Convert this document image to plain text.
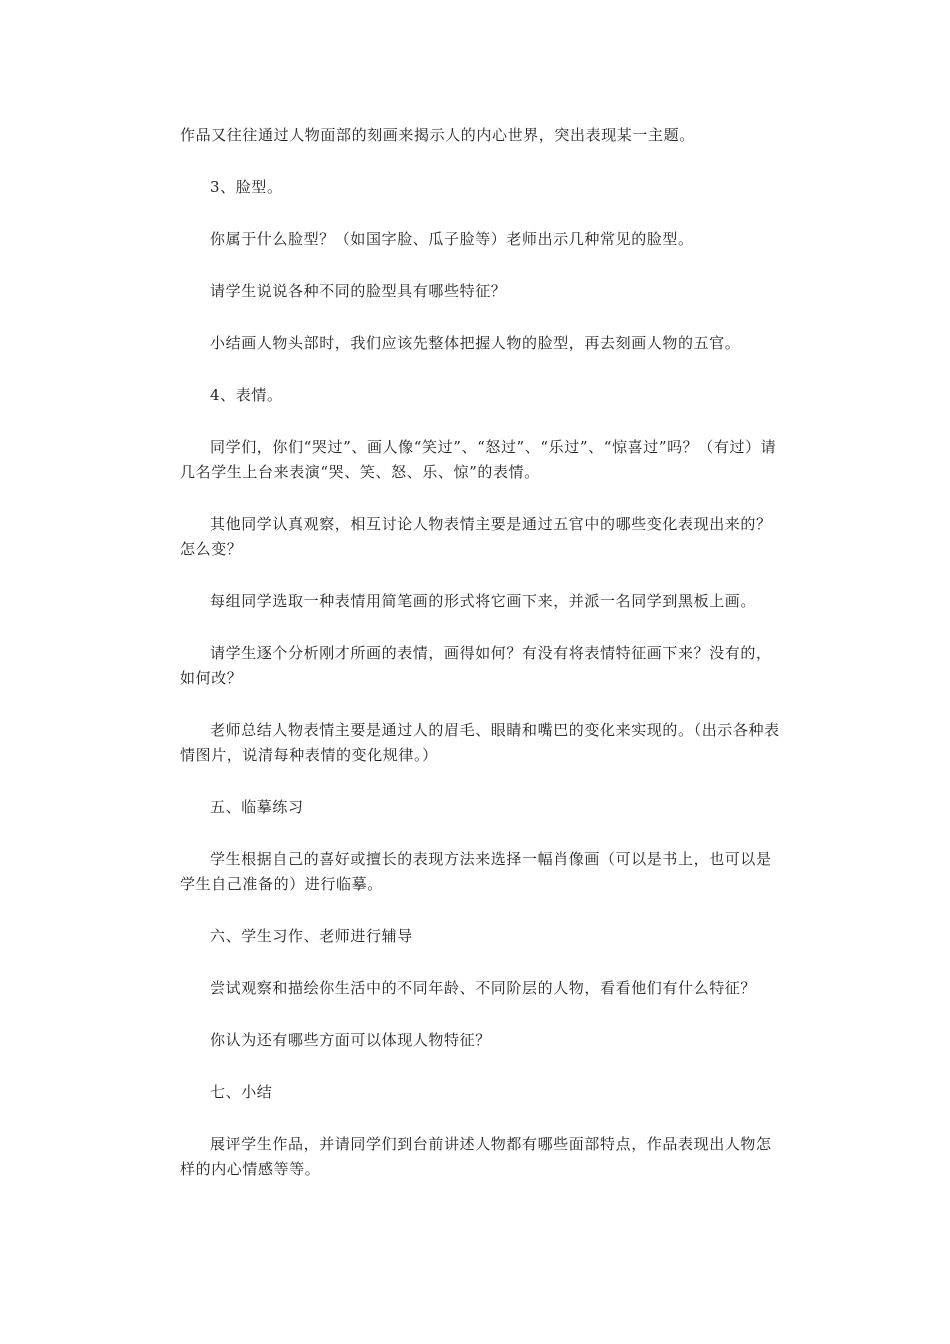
作品又往往通过人物面部的刻画来揭示人的内心世界，突出表现某一主题。

3、脸型。

你属于什么脸型？（如国字脸、瓜子脸等）老师出示几种常见的脸型。

请学生说说各种不同的脸型具有哪些特征？

小结画人物头部时，我们应该先整体把握人物的脸型，再去刻画人物的五官。

4、表情。

同学们，你们“哭过”、画人像“笑过”、“怒过”、“乐过”、“惊喜过”吗？（有过）请几名学生上台来表演“哭、笑、怒、乐、惊”的表情。

其他同学认真观察，相互讨论人物表情主要是通过五官中的哪些变化表现出来的？怎么变？

每组同学选取一种表情用简笔画的形式将它画下来，并派一名同学到黑板上画。

请学生逐个分析刚才所画的表情，画得如何？有没有将表情特征画下来？没有的，如何改？

老师总结人物表情主要是通过人的眉毛、眼睛和嘴巴的变化来实现的。（出示各种表情图片，说清每种表情的变化规律。）

五、临摹练习

学生根据自己的喜好或擅长的表现方法来选择一幅肖像画（可以是书上，也可以是学生自己准备的）进行临摹。

六、学生习作、老师进行辅导

尝试观察和描绘你生活中的不同年龄、不同阶层的人物，看看他们有什么特征？

你认为还有哪些方面可以体现人物特征？

七、小结

展评学生作品，并请同学们到台前讲述人物都有哪些面部特点，作品表现出人物怎样的内心情感等等。
